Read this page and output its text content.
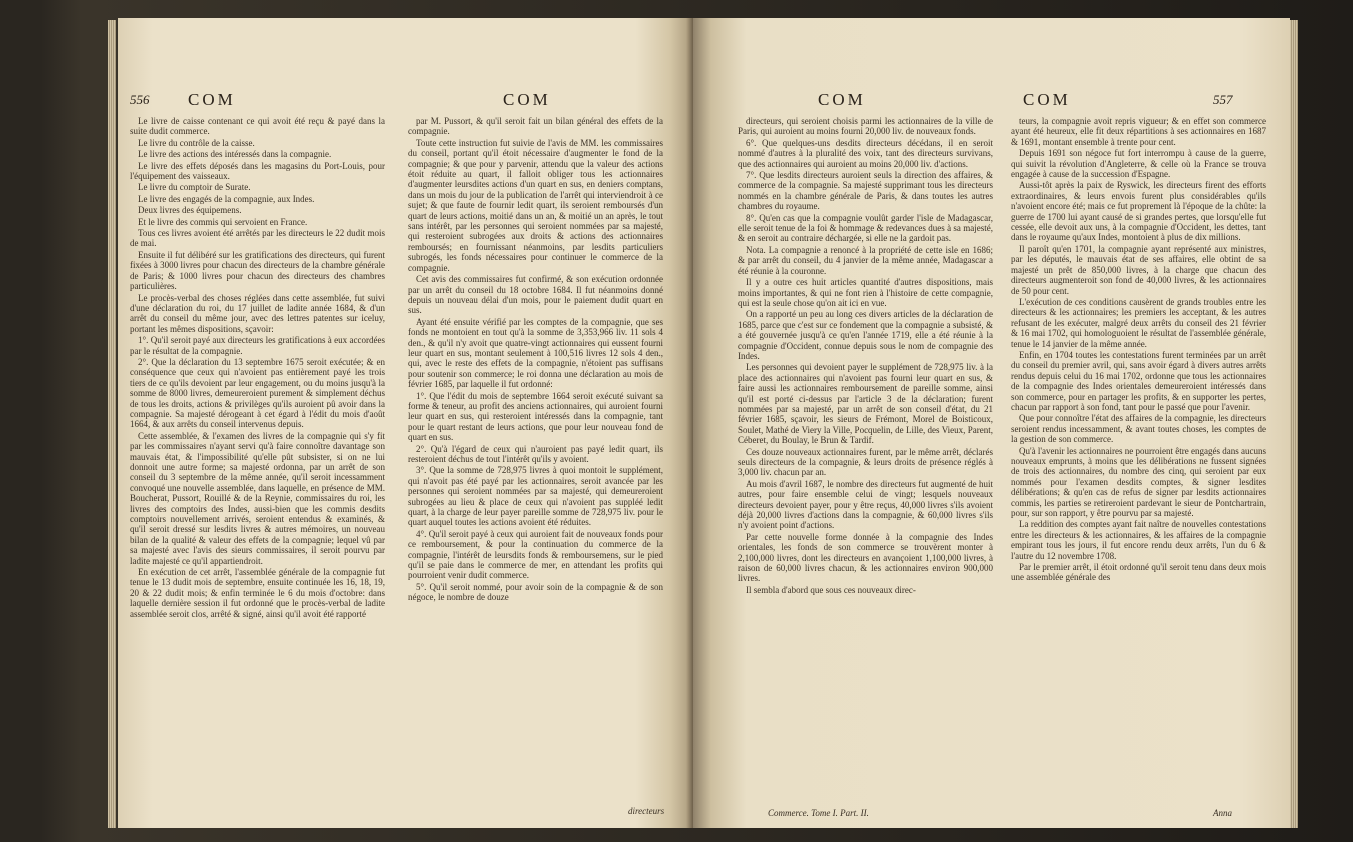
556 COM	COM

Le livre de caisse contenant ce qui avoit été reçu & payé dans la suite dudit commerce.

Le livre du contrôle de la caisse.

Le livre des actions des intéressés dans la compagnie.

Le livre des effets déposés dans les magasins du Port-Louis, pour l'équipement des vaisseaux.

Le livre du comptoir de Surate.

Le livre des engagés de la compagnie, aux Indes.

Deux livres des équipemens.

Et le livre des commis qui servoient en France.

Tous ces livres avoient été arrêtés par les directeurs le 22 dudit mois de mai.

Ensuite il fut délibéré sur les gratifications des directeurs, qui furent fixées à 3000 livres pour chacun des directeurs de la chambre générale de Paris; & 1000 livres pour chacun des directeurs des chambres particulières.

Le procès-verbal des choses réglées dans cette assemblée, fut suivi d'une déclaration du roi, du 17 juillet de ladite année 1684, & d'un arrêt du conseil du même jour, avec des lettres patentes sur iceluy, portant les mêmes dispositions, sçavoir:

1°. Qu'il seroit payé aux directeurs les gratifications à eux accordées par le résultat de la compagnie.

2°. Que la déclaration du 13 septembre 1675 seroit exécutée; & en conséquence que ceux qui n'avoient pas entièrement payé les trois tiers de ce qu'ils devoient par leur engagement, ou du moins jusqu'à la somme de 8000 livres, demeureroient purement & simplement déchus de tous les droits, actions & privilèges qu'ils auroient pû avoir dans la compagnie. Sa majesté dérogeant à cet égard à l'édit du mois d'août 1664, & aux arrêts du conseil intervenus depuis.

Cette assemblée, & l'examen des livres de la compagnie qui s'y fit par les commissaires n'ayant servi qu'à faire connoître davantage son mauvais état, & l'impossibilité qu'elle pût subsister, si on ne lui donnoit une autre forme; sa majesté ordonna, par un arrêt de son conseil du 3 septembre de la même année, qu'il seroit incessamment convoqué une nouvelle assemblée, dans laquelle, en présence de MM. Boucherat, Pussort, Rouillé & de la Reynie, commissaires du roi, les livres des comptoirs des Indes, aussi-bien que les commis desdits comptoirs nouvellement arrivés, seroient entendus & examinés, & qu'il seroit dressé sur lesdits livres & autres mémoires, un nouveau bilan de la qualité & valeur des effets de la compagnie; lequel vû par sa majesté avec l'avis des sieurs commissaires, il seroit pourvu par ladite majesté ce qu'il appartiendroit.

En exécution de cet arrêt, l'assemblée générale de la compagnie fut tenue le 13 dudit mois de septembre, ensuite continuée les 16, 18, 19, 20 & 22 dudit mois; & enfin terminée le 6 du mois d'octobre: dans laquelle dernière session il fut ordonné que le procès-verbal de ladite assemblée seroit clos, arrêté & signé, ainsi qu'il avoit été rapporté

par M. Pussort, & qu'il seroit fait un bilan général des effets de la compagnie.

Toute cette instruction fut suivie de l'avis de MM. les commissaires du conseil, portant qu'il étoit nécessaire d'augmenter le fond de la compagnie; & que pour y parvenir, attendu que la valeur des actions étoit réduite au quart, il falloit obliger tous les actionnaires d'augmenter leursdites actions d'un quart en sus, en deniers comptans, dans un mois du jour de la publication de l'arrêt qui interviendroit à ce sujet; & que faute de fournir ledit quart, ils seroient remboursés d'un quart de leurs actions, moitié dans un an, & moitié un an après, le tout sans intérêt, par les personnes qui seroient nommées par sa majesté, qui resteroient subrogées aux droits & actions des actionnaires remboursés; en fournissant néanmoins, par lesdits particuliers subrogés, les fonds nécessaires pour continuer le commerce de la compagnie.

Cet avis des commissaires fut confirmé, & son exécution ordonnée par un arrêt du conseil du 18 octobre 1684. Il fut néanmoins donné depuis un nouveau délai d'un mois, pour le paiement dudit quart en sus.

Ayant été ensuite vérifié par les comptes de la compagnie, que ses fonds ne montoient en tout qu'à la somme de 3,353,966 liv. 11 sols 4 den., & qu'il n'y avoit que quatre-vingt actionnaires qui eussent fourni leur quart en sus, montant seulement à 100,516 livres 12 sols 4 den., qui, avec le reste des effets de la compagnie, n'étoient pas suffisans pour soutenir son commerce; le roi donna une déclaration au mois de février 1685, par laquelle il fut ordonné:

1°. Que l'édit du mois de septembre 1664 seroit exécuté suivant sa forme & teneur, au profit des anciens actionnaires, qui auroient fourni leur quart en sus, qui resteroient intéressés dans la compagnie, tant pour le quart restant de leurs actions, que pour leur nouveau fond de quart en sus.

2°. Qu'à l'égard de ceux qui n'auroient pas payé ledit quart, ils resteroient déchus de tout l'intérêt qu'ils y avoient.

3°. Que la somme de 728,975 livres à quoi montoit le supplément, qui n'avoit pas été payé par les actionnaires, seroit avancée par les personnes qui seroient nommées par sa majesté, qui demeureroient subrogées au lieu & place de ceux qui n'avoient pas suppléé ledit quart, à la charge de leur payer pareille somme de 728,975 liv. pour le quart auquel toutes les actions avoient été réduites.

4°. Qu'il seroit payé à ceux qui auroient fait de nouveaux fonds pour ce remboursement, & pour la continuation du commerce de la compagnie, l'intérêt de leursdits fonds & remboursemens, sur le pied qu'il se paie dans le commerce de mer, en attendant les profits qui pourroient venir dudit commerce.

5°. Qu'il seroit nommé, pour avoir soin de la compagnie & de son négoce, le nombre de douze

directeurs
COM	COM	557

directeurs, qui seroient choisis parmi les actionnaires de la ville de Paris, qui auroient au moins fourni 20,000 liv. de nouveaux fonds.

6°. Que quelques-uns desdits directeurs décédans, il en seroit nommé d'autres à la pluralité des voix, tant des directeurs survivans, que des actionnaires qui auroient au moins 20,000 liv. d'actions.

7°. Que lesdits directeurs auroient seuls la direction des affaires, & commerce de la compagnie. Sa majesté supprimant tous les directeurs nommés en la chambre générale de Paris, & dans toutes les autres chambres du royaume.

8°. Qu'en cas que la compagnie voulût garder l'isle de Madagascar, elle seroit tenue de la foi & hommage & redevances dues à sa majesté, & en seroit au contraire déchargée, si elle ne la gardoit pas.

Nota. La compagnie a renoncé à la propriété de cette isle en 1686; & par arrêt du conseil, du 4 janvier de la même année, Madagascar a été réunie à la couronne.

Il y a outre ces huit articles quantité d'autres dispositions, mais moins importantes, & qui ne font rien à l'histoire de cette compagnie, qui est la seule chose qu'on ait ici en vue.

On a rapporté un peu au long ces divers articles de la déclaration de 1685, parce que c'est sur ce fondement que la compagnie a subsisté, & a été gouvernée jusqu'à ce qu'en l'année 1719, elle a été réunie à la compagnie d'Occident, connue depuis sous le nom de compagnie des Indes.

Les personnes qui devoient payer le supplément de 728,975 liv. à la place des actionnaires qui n'avoient pas fourni leur quart en sus, & faire aussi les actionnaires remboursement de pareille somme, ainsi qu'il est porté ci-dessus par l'article 3 de la déclaration; furent nommées par sa majesté, par un arrêt de son conseil d'état, du 21 février 1685, sçavoir, les sieurs de Frémont, Morel de Boisticoux, Soulet, Mathé de Viery la Ville, Pocquelin, de Lille, des Vieux, Parent, Céberet, du Boulay, le Brun & Tardif.

Ces douze nouveaux actionnaires furent, par le même arrêt, déclarés seuls directeurs de la compagnie, & leurs droits de présence réglés à 3,000 liv. chacun par an.

Au mois d'avril 1687, le nombre des directeurs fut augmenté de huit autres, pour faire ensemble celui de vingt; lesquels nouveaux directeurs devoient payer, pour y être reçus, 40,000 livres s'ils avoient déjà 20,000 livres d'actions dans la compagnie, & 60,000 livres s'ils n'y avoient point d'actions.

Par cette nouvelle forme donnée à la compagnie des Indes orientales, les fonds de son commerce se trouvèrent monter à 2,100,000 livres, dont les directeurs en avançoient 1,100,000 livres, à raison de 60,000 livres chacun, & les actionnaires environ 900,000 livres.

Il sembla d'abord que sous ces nouveaux direc-

teurs, la compagnie avoit repris vigueur; & en effet son commerce ayant été heureux, elle fit deux répartitions à ses actionnaires en 1687 & 1691, montant ensemble à trente pour cent.

Depuis 1691 son négoce fut fort interrompu à cause de la guerre, qui suivit la révolution d'Angleterre, & celle où la France se trouva engagée à cause de la succession d'Espagne.

Aussi-tôt après la paix de Ryswick, les directeurs firent des efforts extraordinaires, & leurs envois furent plus considérables qu'ils n'avoient encore été; mais ce fut proprement là l'époque de la chûte: la guerre de 1700 lui ayant causé de si grandes pertes, que lorsqu'elle fut cessée, elle devoit aux uns, à la compagnie d'Occident, les dettes, tant dans le royaume qu'aux Indes, montoient à plus de dix millions.

Il paroît qu'en 1701, la compagnie ayant représenté aux ministres, par les députés, le mauvais état de ses affaires, elle obtint de sa majesté un prêt de 850,000 livres, à la charge que chacun des directeurs augmenteroit son fond de 40,000 livres, & les actionnaires de 50 pour cent.

L'exécution de ces conditions causèrent de grands troubles entre les directeurs & les actionnaires; les premiers les acceptant, & les autres refusant de les exécuter, malgré deux arrêts du conseil des 21 février & 16 mai 1702, qui homologuoient le résultat de l'assemblée générale, tenue le 14 janvier de la même année.

Enfin, en 1704 toutes les contestations furent terminées par un arrêt du conseil du premier avril, qui, sans avoir égard à divers autres arrêts rendus depuis celui du 16 mai 1702, ordonne que tous les actionnaires de la compagnie des Indes orientales demeureroient intéressés dans son commerce, pour en partager les profits, & en supporter les pertes, chacun par rapport à son fond, tant pour le passé que pour l'avenir.

Que pour connoître l'état des affaires de la compagnie, les directeurs seroient rendus incessamment, & avant toutes choses, les comptes de la gestion de son commerce.

Qu'à l'avenir les actionnaires ne pourroient être engagés dans aucuns nouveaux emprunts, à moins que les délibérations ne fussent signées de trois des actionnaires, du nombre des cinq, qui seroient par eux nommés pour l'examen desdits comptes, & signer lesdites délibérations; & qu'en cas de refus de signer par lesdits actionnaires commis, les parties se retireroient pardevant le sieur de Pontchartrain, pour, sur son rapport, y être pourvu par sa majesté.

La reddition des comptes ayant fait naître de nouvelles contestations entre les directeurs & les actionnaires, & les affaires de la compagnie empirant tous les jours, il fut encore rendu deux arrêts, l'un du 6 & l'autre du 12 novembre 1708.

Par le premier arrêt, il étoit ordonné qu'il seroit tenu dans deux mois une assemblée générale des

Commerce. Tome I. Part. II.	Anna
